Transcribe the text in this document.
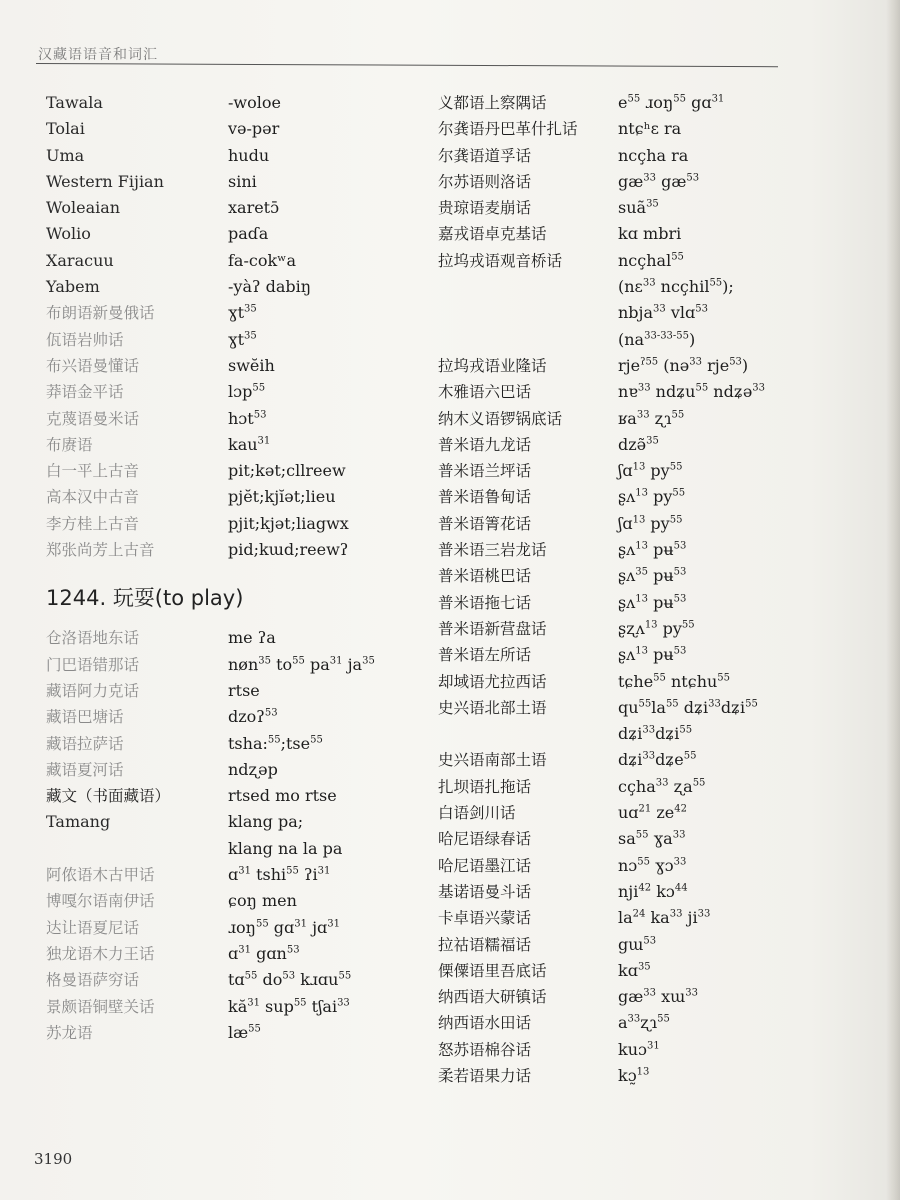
汉藏语语音和词汇
Tawala	-woloe
Tolai	və-pər
Uma	hudu
Western Fijian	sini
Woleaian	xaretɔ̄
Wolio	paɗa
Xaracuu	fa-cokʷa
Yabem	-yàʔ dabiŋ
布朗语新曼俄话	ɣt$^{35}$
佤语岩帅话	ɣt$^{35}$
布兴语曼懂话	swĕih
莽语金平话	lɔp$^{55}$
克蔑语曼米话	hɔt$^{53}$
布赓语	kau$^{31}$
白一平上古音	pit;kət;cllreew
高本汉中古音	pjĕt;kjĭət;lieu
李方桂上古音	pjit;kjət;liagwx
郑张尚芳上古音	pid;kɯd;reewʔ
1244. 玩耍(to play)
仓洛语地东话	me ʔa
门巴语错那话	nøn$^{35}$ $to^{55}$ $pa^{31}$ $ja^{35}$
藏语阿力克话	rtse
藏语巴塘话	dzoʔ$^{53}$
藏语拉萨话	tsha:$^{55}$;tse$^{55}$
藏语夏河话	ndʐəp
藏文（书面藏语）	rtsed mo rtse
Tamang	klang pa;
klang na la pa
阿侬语木古甲话	ɑ$^{31}$ tshi$^{55}$ ʔi$^{31}$
博嘎尔语南伊话	ɕoŋ men
达让语夏尼话	ɹoŋ$^{55}$ gɑ$^{31}$ jɑ$^{31}$
独龙语木力王话	ɑ$^{31}$ gɑn$^{53}$
格曼语萨穷话	tɑ$^{55}$ $do^{53}$ kɹɑu$^{55}$
景颇语铜壁关话	$kă^{31}$ sup$^{55}$ tʃai$^{33}$
苏龙语	$læ^{55}$
义都语上察隅话	$e^{55}$ ɹoŋ$^{55}$ gɑ$^{31}$
尔龚语丹巴革什扎话	ntɕʰɛ ra
尔龚语道孚话	ncçha ra
尔苏语则洛话	$gæ^{33}$ $gæ^{53}$
贵琼语麦崩话	suã$^{35}$
嘉戎语卓克基话	kɑ mbri
拉坞戎语观音桥话	ncçhal$^{55}$
(nɛ$^{33}$ ncçhil$^{55}$);
nbja$^{33}$ vlɑ$^{53}$
$(na^{33-33-55})$
拉坞戎语业隆话	rje$^{ʔ55}$ (nə$^{33}$ rje$^{53}$)
木雅语六巴话	nɐ$^{33}$ ndʑu$^{55}$ ndʑə$^{33}$
纳木义语锣锅底话	ʁa$^{33}$ ʐɿ$^{55}$
普米语九龙话	dzə̃$^{35}$
普米语兰坪话	ʃɑ$^{13}$ $py^{55}$
普米语鲁甸话	ʂʌ$^{13}$ $py^{55}$
普米语箐花话	ʃɑ$^{13}$ $py^{55}$
普米语三岩龙话	ʂʌ$^{13}$ pʉ$^{53}$
普米语桃巴话	ʂʌ$^{35}$ pʉ$^{53}$
普米语拖七话	ʂʌ$^{13}$ pʉ$^{53}$
普米语新营盘话	ʂʐʌ$^{13}$ $py^{55}$
普米语左所话	ʂʌ$^{13}$ pʉ$^{53}$
却域语尤拉西话	tɕhe$^{55}$ ntɕhu$^{55}$
史兴语北部土语	$qu^{55}la^{55}$ dʑi$^{33}$dʑi$^{55}$
dʑi$^{33}$dʑi$^{55}$
史兴语南部土语	dʑi$^{33}$dʑe$^{55}$
扎坝语扎拖话	cçha$^{33}$ ʐa$^{55}$
白语剑川话	uɑ$^{21}$ $ze^{42}$
哈尼语绿春话	$sa^{55}$ ɣa$^{33}$
哈尼语墨江话	nɔ$^{55}$ ɣɔ$^{33}$
基诺语曼斗话	nji$^{42}$ kɔ$^{44}$
卡卓语兴蒙话	$la^{24}$ $ka^{33}$ $ji^{33}$
拉祜语糯福话	gɯ$^{53}$
傈僳语里吾底话	kɑ$^{35}$
纳西语大研镇话	$gæ^{33}$ xɯ$^{33}$
纳西语水田话	$a^{33}ʐɿ^{55}$
怒苏语棉谷话	kuɔ$^{31}$
柔若语果力话	kɔ̰$^{13}$
3190
